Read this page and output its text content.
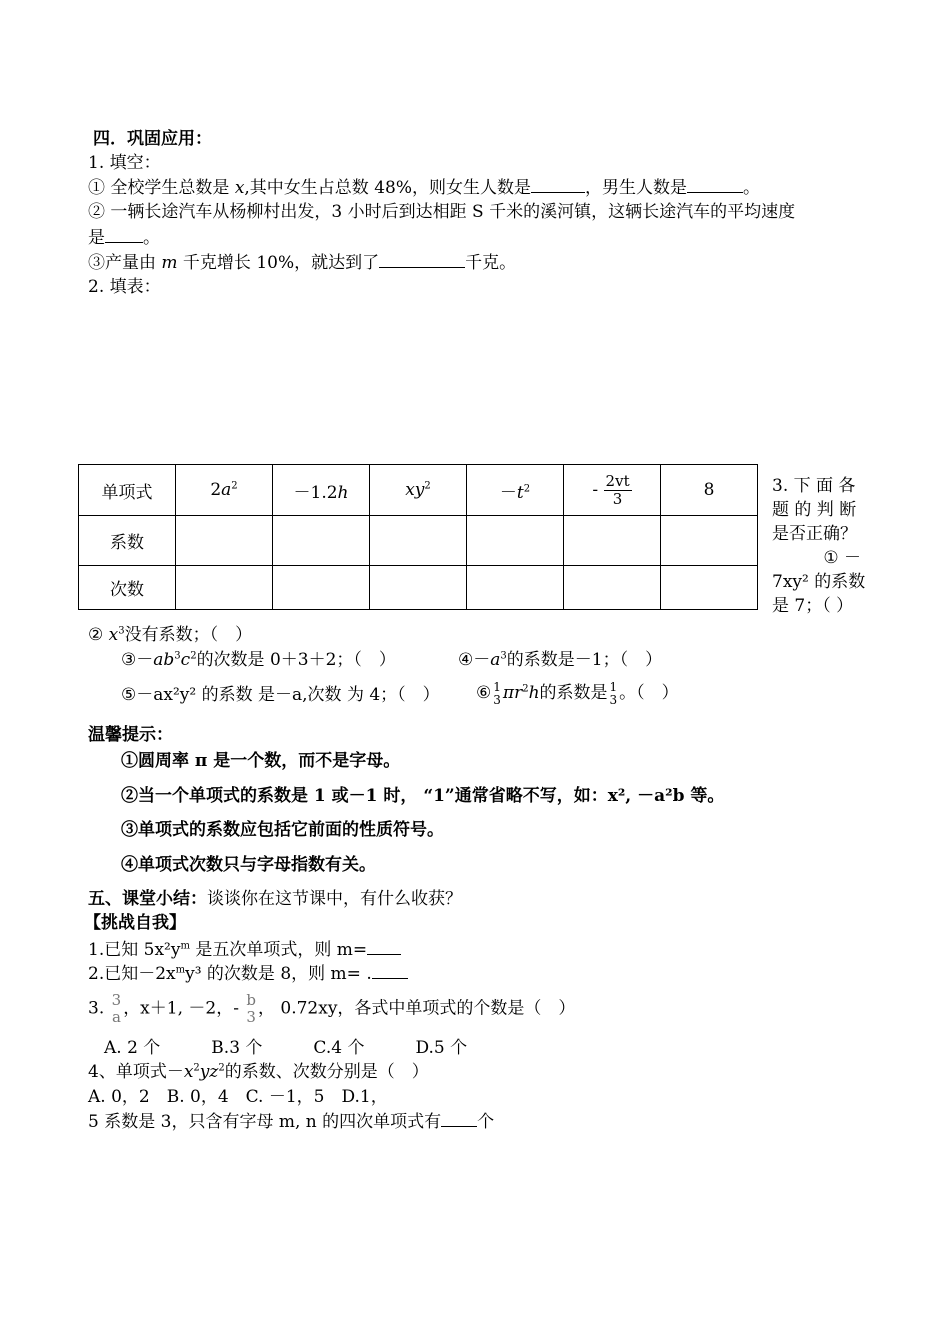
四．巩固应用：
1. 填空：
① 全校学生总数是 x,其中女生占总数 48%，则女生人数是	，男生人数是	。
② 一辆长途汽车从杨柳村出发，3 小时后到达相距 S 千米的溪河镇，这辆长途汽车的平均速度
是 。
③产量由 m 千克增长 10%，就达到了	千克。
2. 填表：
单项式	$2a^2$	－1.2h	$xy^2$	$-t^2$	- $\frac{2vt}{3}$	8
系数						
次数						
3. 下 面 各
题 的 判 断
是否正确？
① －
7xy² 的系数
是 7；（ ）
② $x^3$没有系数；（　）
$③-ab^3c^2$的次数是 0＋3＋2；（　）	$④-a^3$的系数是－1；（　）
⑤－ax²y² 的系数 是－a,次数 为 4；（　） ⑥ 1
3 $\pi r^2h$的系数是 1
3 。（　）
温馨提示：
①圆周率 π 是一个数，而不是字母。
②当一个单项式的系数是 1 或－1 时， “1”通常省略不写，如：x², －a²b 等。
③单项式的系数应包括它前面的性质符号。
④单项式次数只与字母指数有关。
五、课堂小结：谈谈你在这节课中，有什么收获？
【挑战自我】
1.已知 $5x^2y^m$ 是五次单项式，则 m=
2.已知$-2x^my^3$ 的次数是 8，则 m= .
3. 3
a ，x＋1, －2，- b
3 ， 0.72xy，各式中单项式的个数是（　）
A. 2 个　　　B.3 个　　　C.4 个　　　D.5 个
4、单项式$-x^2yz^2$的系数、次数分别是（　）
A. 0，2　B. 0，4　C. －1，5　D.1，
5 系数是 3，只含有字母 m, n 的四次单项式有 个
